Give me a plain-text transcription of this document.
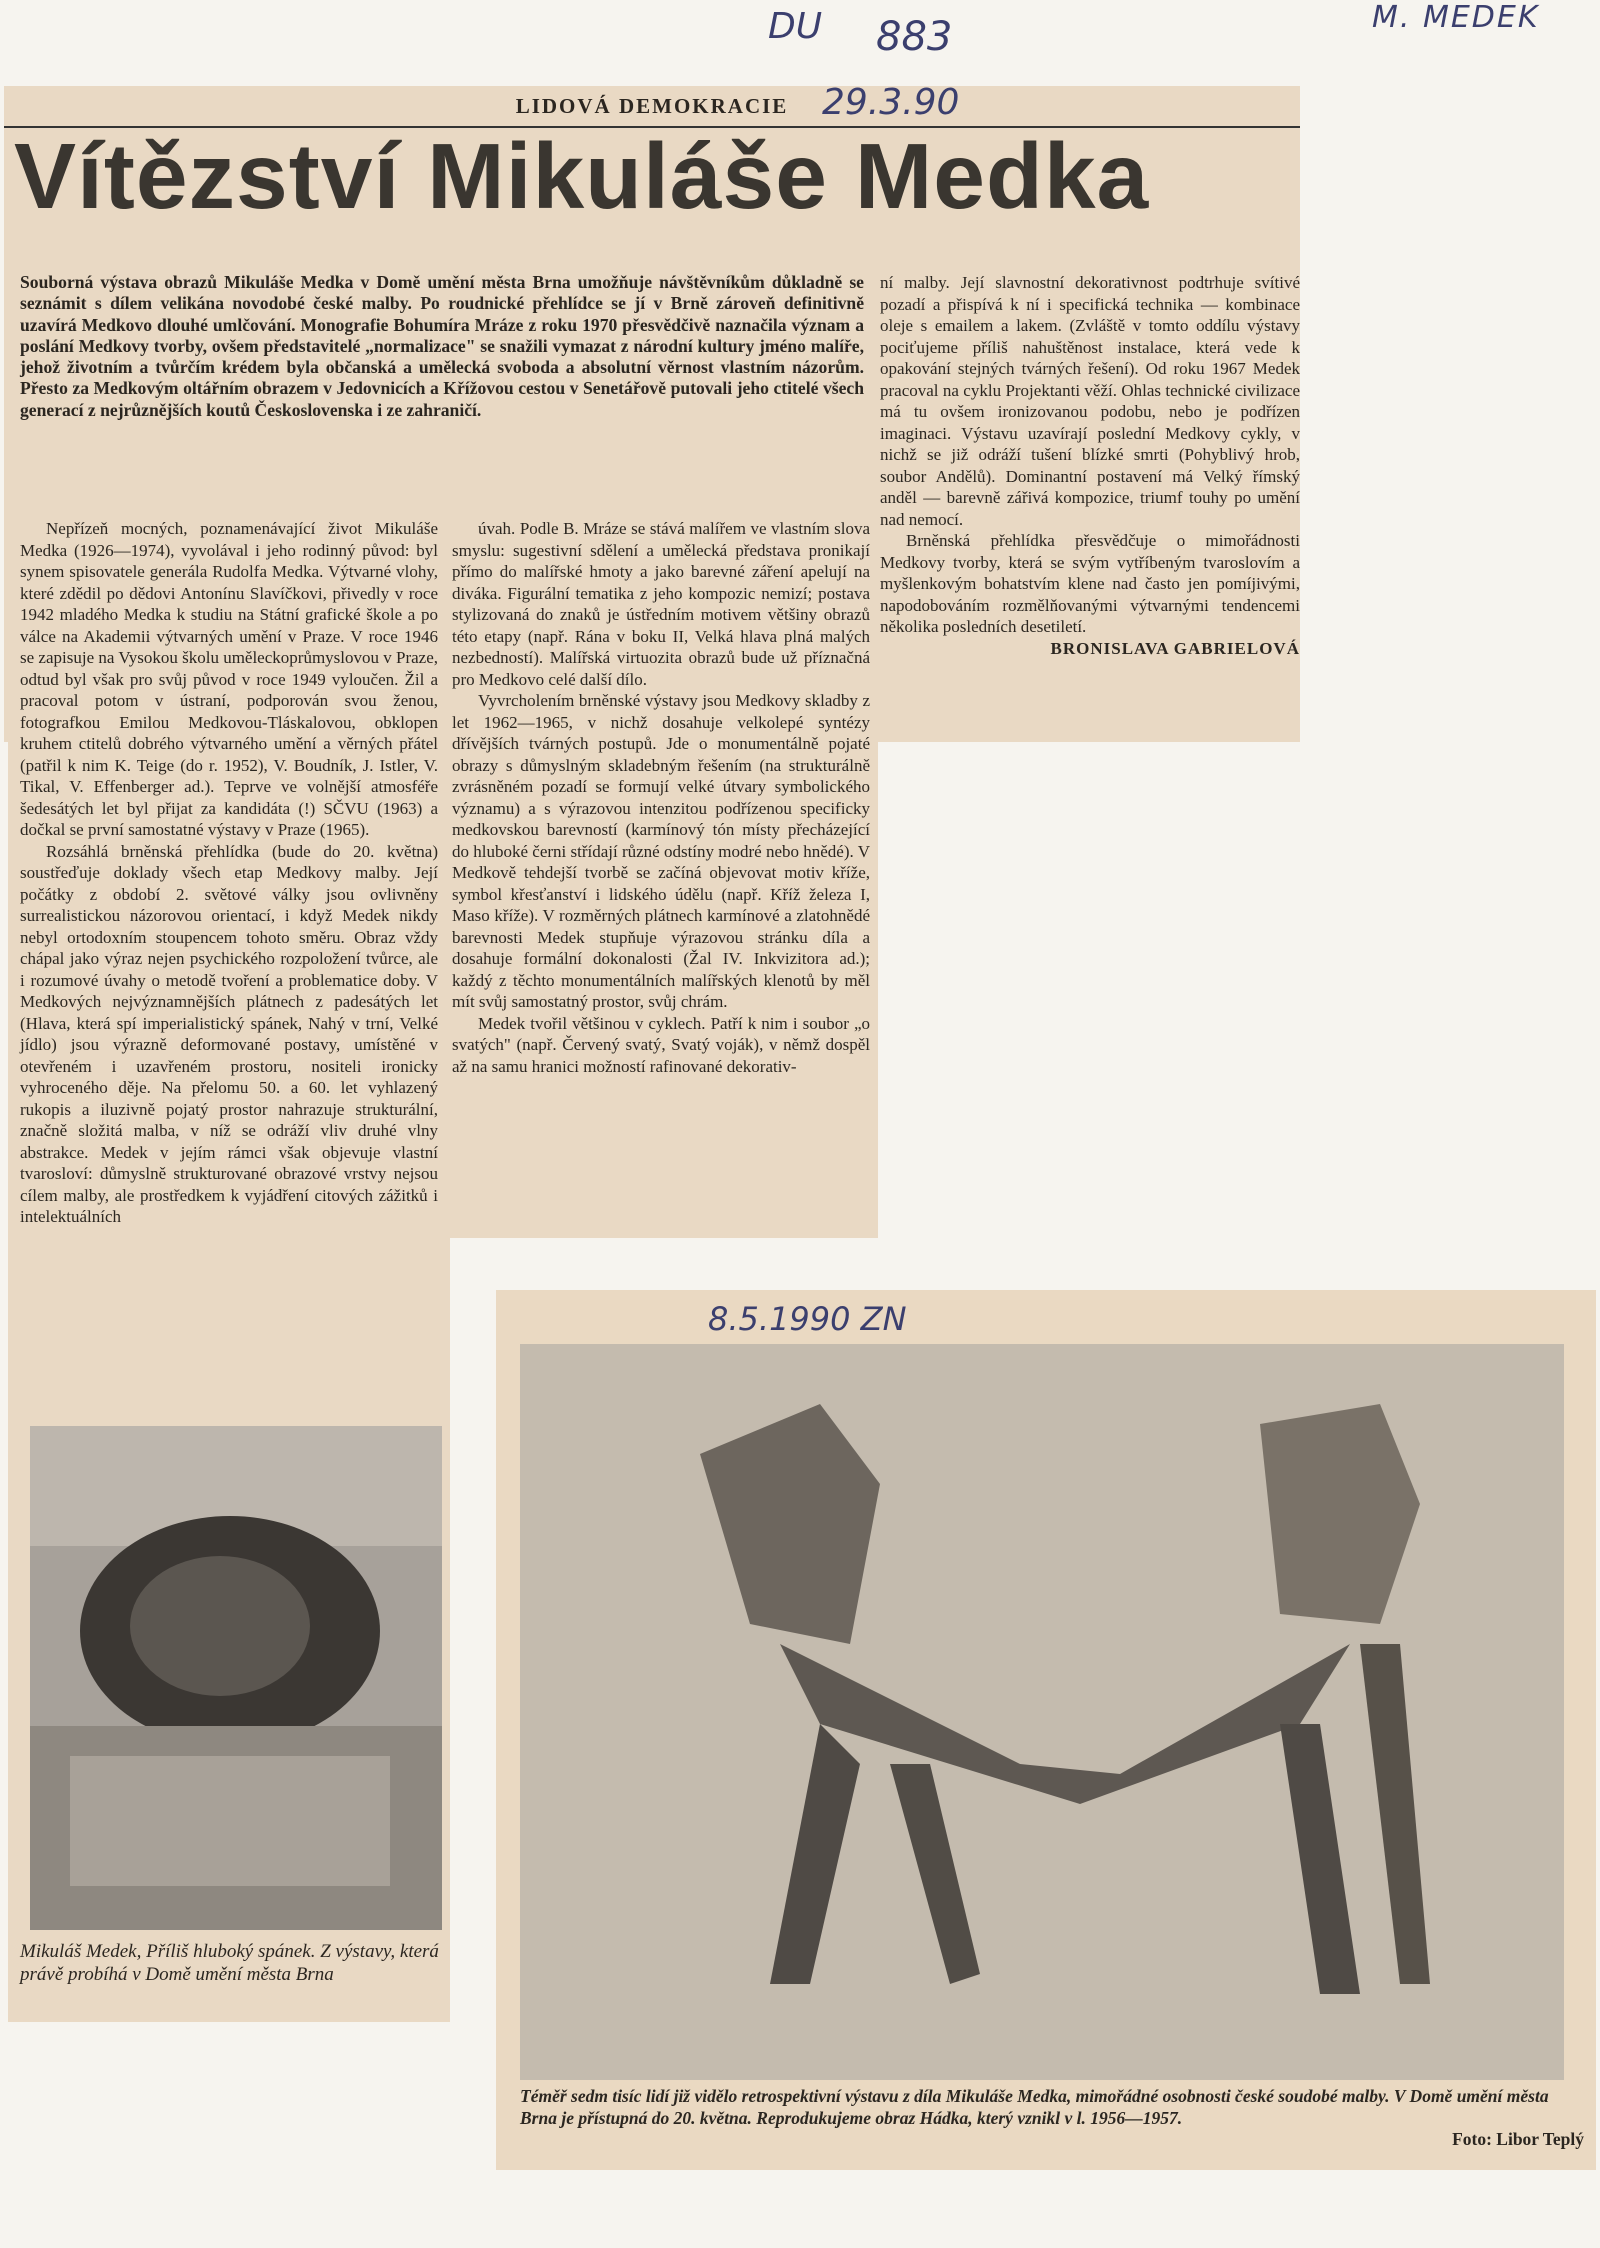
DU 883	M. MEDEK
LIDOVÁ DEMOKRACIE 29.3.90
Vítězství Mikuláše Medka
Souborná výstava obrazů Mikuláše Medka v Domě umění města Brna umožňuje návštěvníkům důkladně se seznámit s dílem velikána novodobé české malby. Po roudnické přehlídce se jí v Brně zároveň definitivně uzavírá Medkovo dlouhé umlčování. Monografie Bohumíra Mráze z roku 1970 přesvědčivě naznačila význam a poslání Medkovy tvorby, ovšem představitelé „normalizace" se snažili vymazat z národní kultury jméno malíře, jehož životním a tvůrčím krédem byla občanská a umělecká svoboda a absolutní věrnost vlastním názorům. Přesto za Medkovým oltářním obrazem v Jedovnicích a Křížovou cestou v Senetářově putovali jeho ctitelé všech generací z nejrůznějších koutů Československa i ze zahraničí.

Nepřízeň mocných, poznamenávající život Mikuláše Medka (1926—1974), vyvolával i jeho rodinný původ: byl synem spisovatele generála Rudolfa Medka. Výtvarné vlohy, které zdědil po dědovi Antonínu Slavíčkovi, přivedly v roce 1942 mladého Medka k studiu na Státní grafické škole a po válce na Akademii výtvarných umění v Praze. V roce 1946 se zapisuje na Vysokou školu uměleckoprůmyslovou v Praze, odtud byl však pro svůj původ v roce 1949 vyloučen. Žil a pracoval potom v ústraní, podporován svou ženou, fotografkou Emilou Medkovou-Tláskalovou, obklopen kruhem ctitelů dobrého výtvarného umění a věrných přátel (patřil k nim K. Teige (do r. 1952), V. Boudník, J. Istler, V. Tikal, V. Effenberger ad.). Teprve ve volnější atmosféře šedesátých let byl přijat za kandidáta (!) SČVU (1963) a dočkal se první samostatné výstavy v Praze (1965).

Rozsáhlá brněnská přehlídka (bude do 20. května) soustřeďuje doklady všech etap Medkovy malby. Její počátky z období 2. světové války jsou ovlivněny surrealistickou názorovou orientací, i když Medek nikdy nebyl ortodoxním stoupencem tohoto směru. Obraz vždy chápal jako výraz nejen psychického rozpoložení tvůrce, ale i rozumové úvahy o metodě tvoření a problematice doby. V Medkových nejvýznamnějších plátnech z padesátých let (Hlava, která spí imperialistický spánek, Nahý v trní, Velké jídlo) jsou výrazně deformované postavy, umístěné v otevřeném i uzavřeném prostoru, nositeli ironicky vyhroceného děje. Na přelomu 50. a 60. let vyhlazený rukopis a iluzivně pojatý prostor nahrazuje strukturální, značně složitá malba, v níž se odráží vliv druhé vlny abstrakce. Medek v jejím rámci však objevuje vlastní tvarosloví: důmyslně strukturované obrazové vrstvy nejsou cílem malby, ale prostředkem k vyjádření citových zážitků i intelektuálních

úvah. Podle B. Mráze se stává malířem ve vlastním slova smyslu: sugestivní sdělení a umělecká představa pronikají přímo do malířské hmoty a jako barevné záření apelují na diváka. Figurální tematika z jeho kompozic nemizí; postava stylizovaná do znaků je ústředním motivem většiny obrazů této etapy (např. Rána v boku II, Velká hlava plná malých nezbedností). Malířská virtuozita obrazů bude už příznačná pro Medkovo celé další dílo.

Vyvrcholením brněnské výstavy jsou Medkovy skladby z let 1962—1965, v nichž dosahuje velkolepé syntézy dřívějších tvárných postupů. Jde o monumentálně pojaté obrazy s důmyslným skladebným řešením (na strukturálně zvrásněném pozadí se formují velké útvary symbolického významu) a s výrazovou intenzitou podřízenou specificky medkovskou barevností (karmínový tón místy přecházející do hluboké černi střídají různé odstíny modré nebo hnědé). V Medkově tehdejší tvorbě se začíná objevovat motiv kříže, symbol křesťanství i lidského údělu (např. Kříž železa I, Maso kříže). V rozměrných plátnech karmínové a zlatohnědé barevnosti Medek stupňuje výrazovou stránku díla a dosahuje formální dokonalosti (Žal IV. Inkvizitora ad.); každý z těchto monumentálních malířských klenotů by měl mít svůj samostatný prostor, svůj chrám.

Medek tvořil většinou v cyklech. Patří k nim i soubor „o svatých" (např. Červený svatý, Svatý voják), v němž dospěl až na samu hranici možností rafinované dekorativ-

ní malby. Její slavnostní dekorativnost podtrhuje svítivé pozadí a přispívá k ní i specifická technika — kombinace oleje s emailem a lakem. (Zvláště v tomto oddílu výstavy pociťujeme příliš nahuštěnost instalace, která vede k opakování stejných tvárných řešení). Od roku 1967 Medek pracoval na cyklu Projektanti věží. Ohlas technické civilizace má tu ovšem ironizovanou podobu, nebo je podřízen imaginaci. Výstavu uzavírají poslední Medkovy cykly, v nichž se již odráží tušení blízké smrti (Pohyblivý hrob, soubor Andělů). Dominantní postavení má Velký římský anděl — barevně zářivá kompozice, triumf touhy po umění nad nemocí.

Brněnská přehlídka přesvědčuje o mimořádnosti Medkovy tvorby, která se svým vytříbeným tvaroslovím a myšlenkovým bohatstvím klene nad často jen pomíjivými, napodobováním rozmělňovanými výtvarnými tendencemi několika posledních desetiletí.

BRONISLAVA GABRIELOVÁ
Mikuláš Medek, Příliš hluboký spánek. Z výstavy, která právě probíhá v Domě umění města Brna
8.5.1990 ZN
Téměř sedm tisíc lidí již vidělo retrospektivní výstavu z díla Mikuláše Medka, mimořádné osobnosti české soudobé malby. V Domě umění města Brna je přístupná do 20. května. Reprodukujeme obraz Hádka, který vznikl v l. 1956—1957.
Foto: Libor Teplý
